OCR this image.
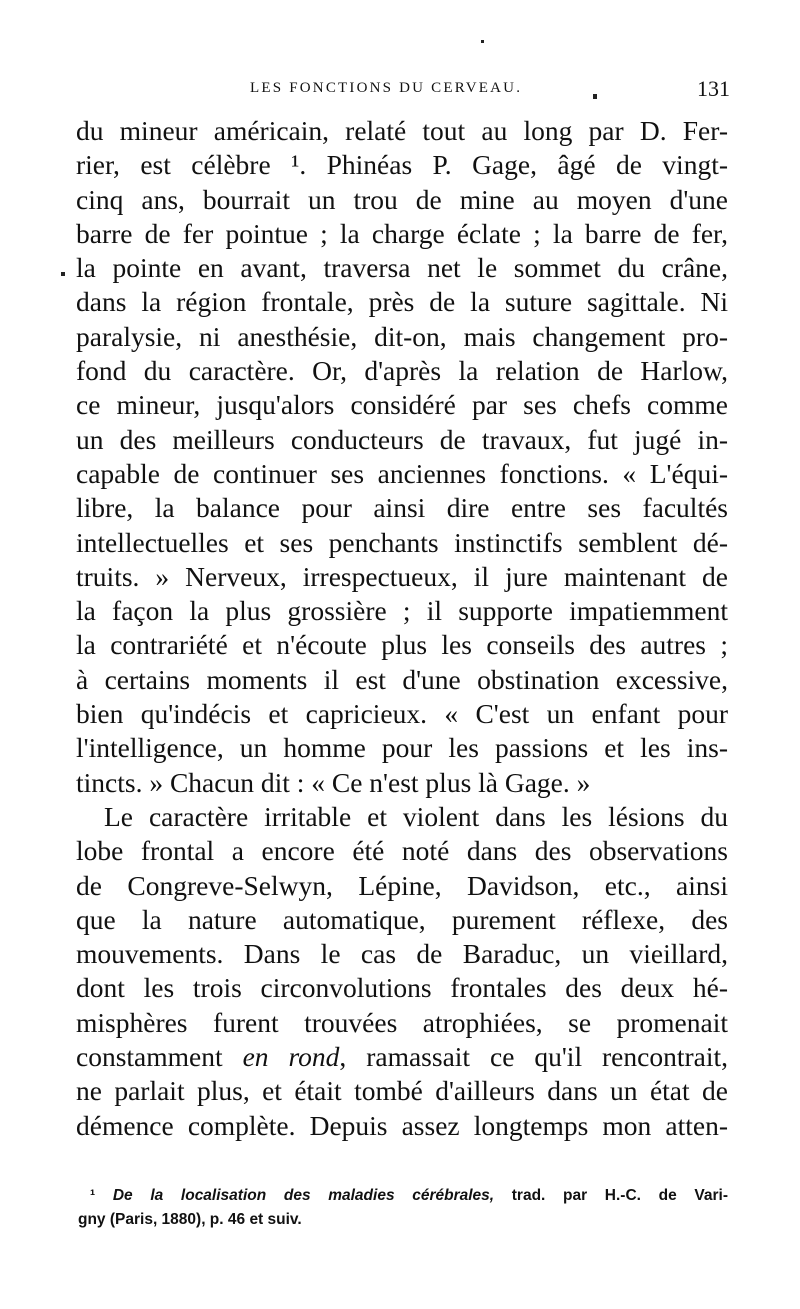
LES FONCTIONS DU CERVEAU.	131
du mineur américain, relaté tout au long par D. Fer-
rier, est célèbre ¹. Phinéas P. Gage, âgé de vingt-
cinq ans, bourrait un trou de mine au moyen d'une
barre de fer pointue ; la charge éclate ; la barre de fer,
la pointe en avant, traversa net le sommet du crâne,
dans la région frontale, près de la suture sagittale. Ni
paralysie, ni anesthésie, dit-on, mais changement pro-
fond du caractère. Or, d'après la relation de Harlow,
ce mineur, jusqu'alors considéré par ses chefs comme
un des meilleurs conducteurs de travaux, fut jugé in-
capable de continuer ses anciennes fonctions. « L'équi-
libre, la balance pour ainsi dire entre ses facultés
intellectuelles et ses penchants instinctifs semblent dé-
truits. » Nerveux, irrespectueux, il jure maintenant de
la façon la plus grossière ; il supporte impatiemment
la contrariété et n'écoute plus les conseils des autres ;
à certains moments il est d'une obstination excessive,
bien qu'indécis et capricieux. « C'est un enfant pour
l'intelligence, un homme pour les passions et les ins-
tincts. » Chacun dit : « Ce n'est plus là Gage. »
Le caractère irritable et violent dans les lésions du
lobe frontal a encore été noté dans des observations
de Congreve-Selwyn, Lépine, Davidson, etc., ainsi
que la nature automatique, purement réflexe, des
mouvements. Dans le cas de Baraduc, un vieillard,
dont les trois circonvolutions frontales des deux hé-
misphères furent trouvées atrophiées, se promenait
constamment en rond, ramassait ce qu'il rencontrait,
ne parlait plus, et était tombé d'ailleurs dans un état de
démence complète. Depuis assez longtemps mon atten-
¹ De la localisation des maladies cérébrales, trad. par H.-C. de Vari-
gny (Paris, 1880), p. 46 et suiv.
